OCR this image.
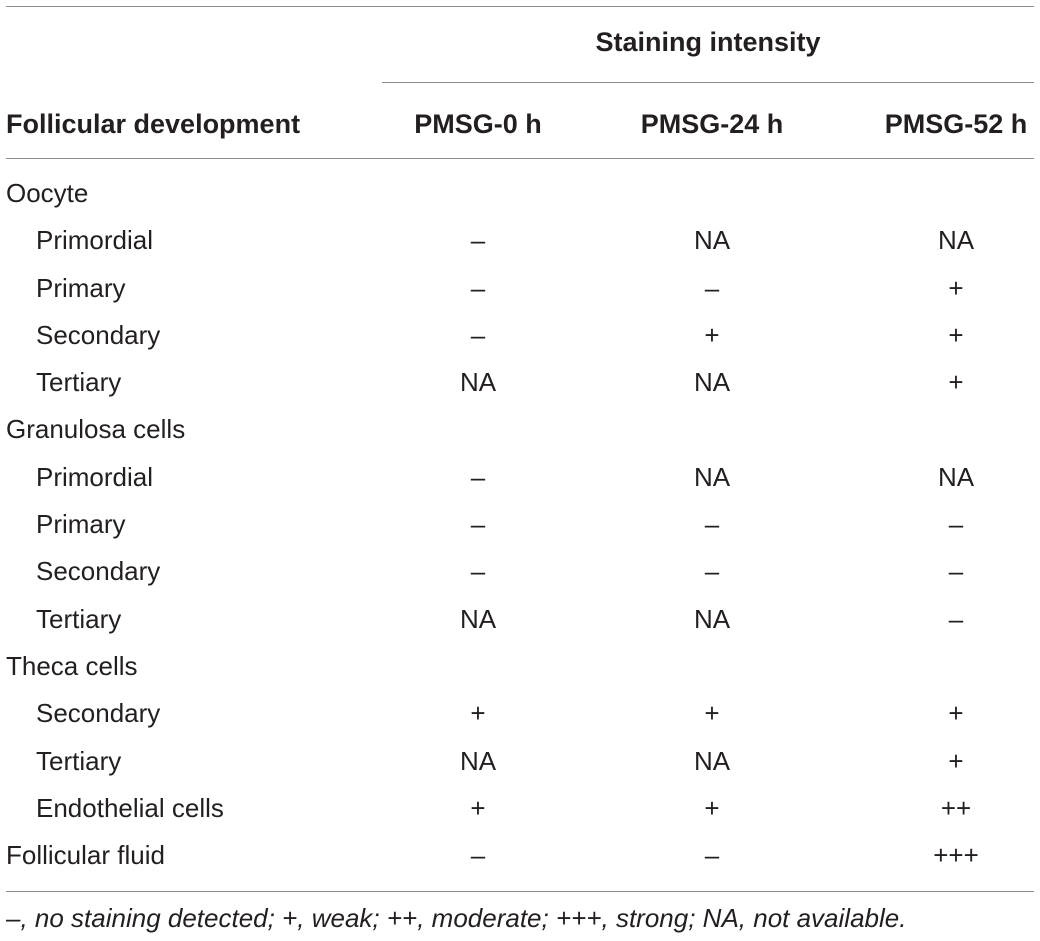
Staining intensity
Follicular development	PMSG-0 h	PMSG-24 h	PMSG-52 h
Oocyte
Primordial	–	NA	NA
Primary	–	–	+
Secondary	–	+	+
Tertiary	NA	NA	+
Granulosa cells
Primordial	–	NA	NA
Primary	–	–	–
Secondary	–	–	–
Tertiary	NA	NA	–
Theca cells
Secondary	+	+	+
Tertiary	NA	NA	+
Endothelial cells	+	+	++
Follicular fluid	–	–	+++
–, no staining detected; +, weak; ++, moderate; +++, strong; NA, not available.
